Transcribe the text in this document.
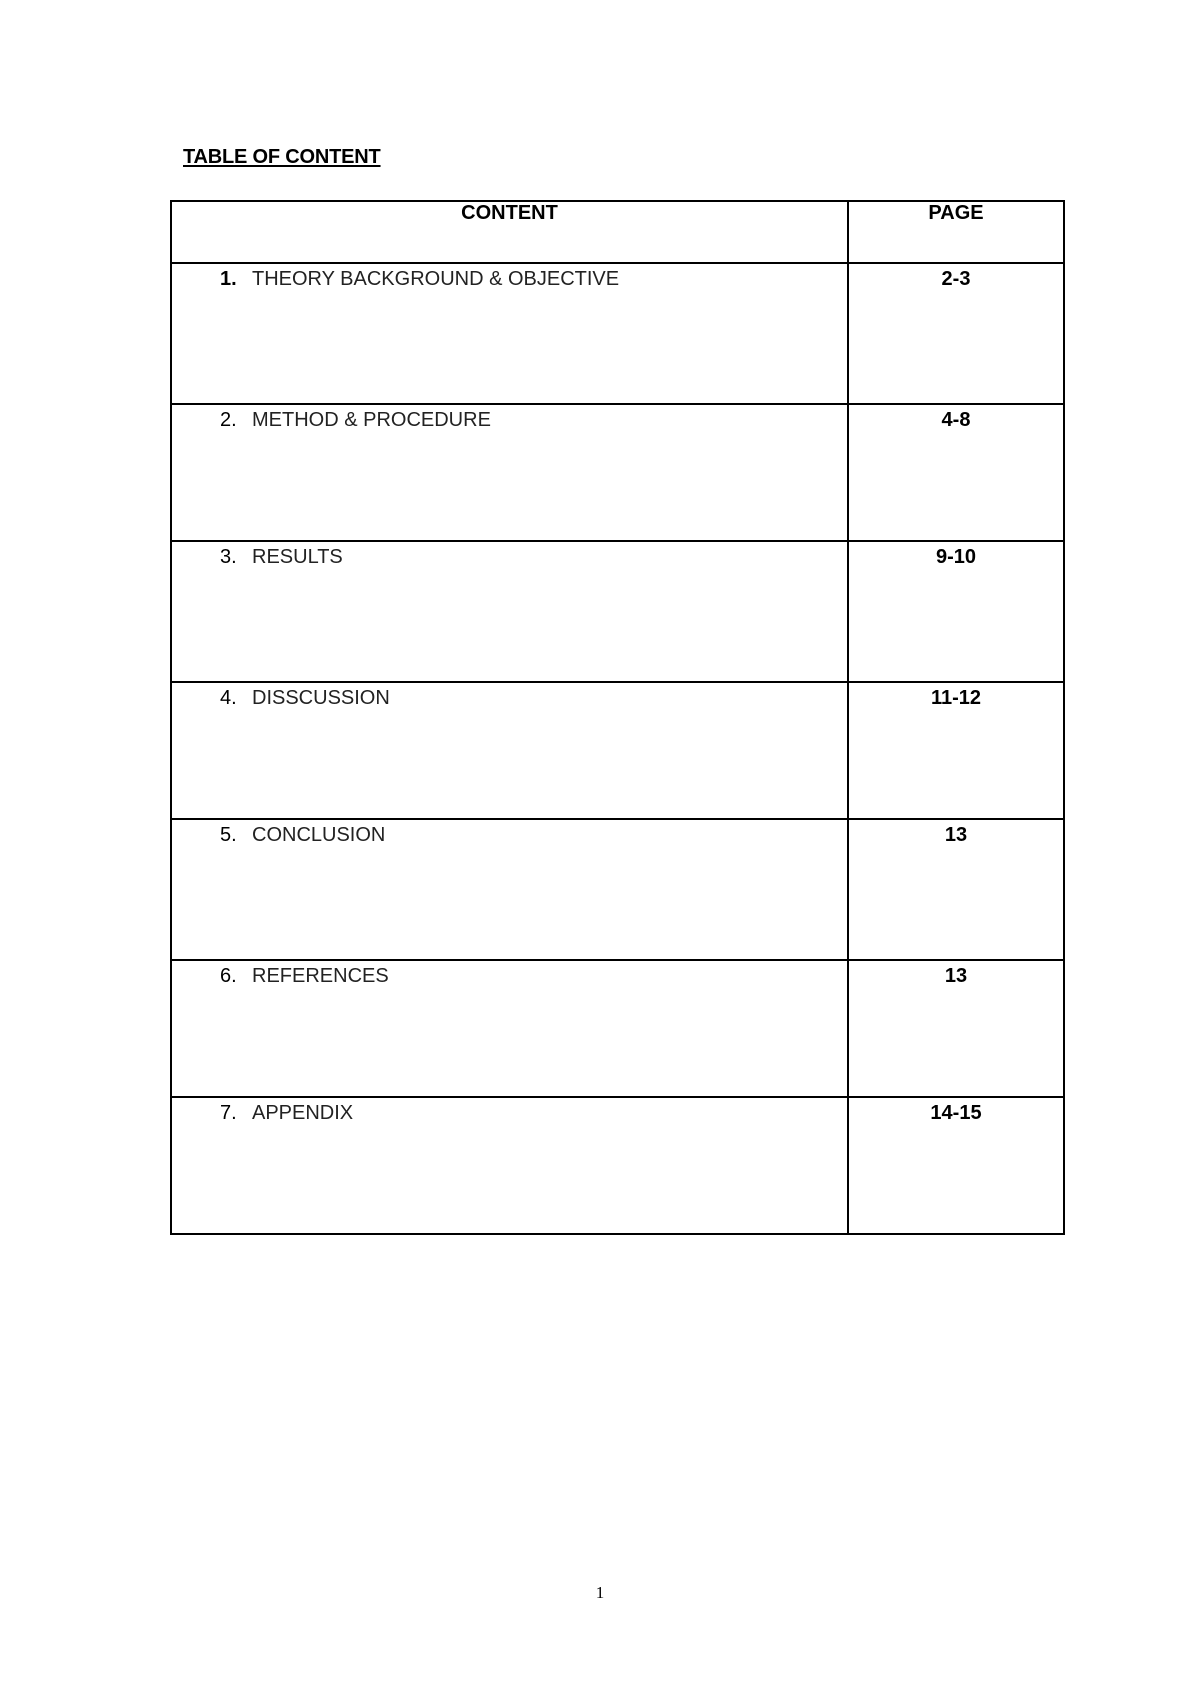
TABLE OF CONTENT
CONTENT	PAGE

1. THEORY BACKGROUND & OBJECTIVE	2-3

2. METHOD & PROCEDURE	4-8

3. RESULTS	9-10

4. DISSCUSSION	11-12

5. CONCLUSION	13

6. REFERENCES	13

7. APPENDIX	14-15
1
